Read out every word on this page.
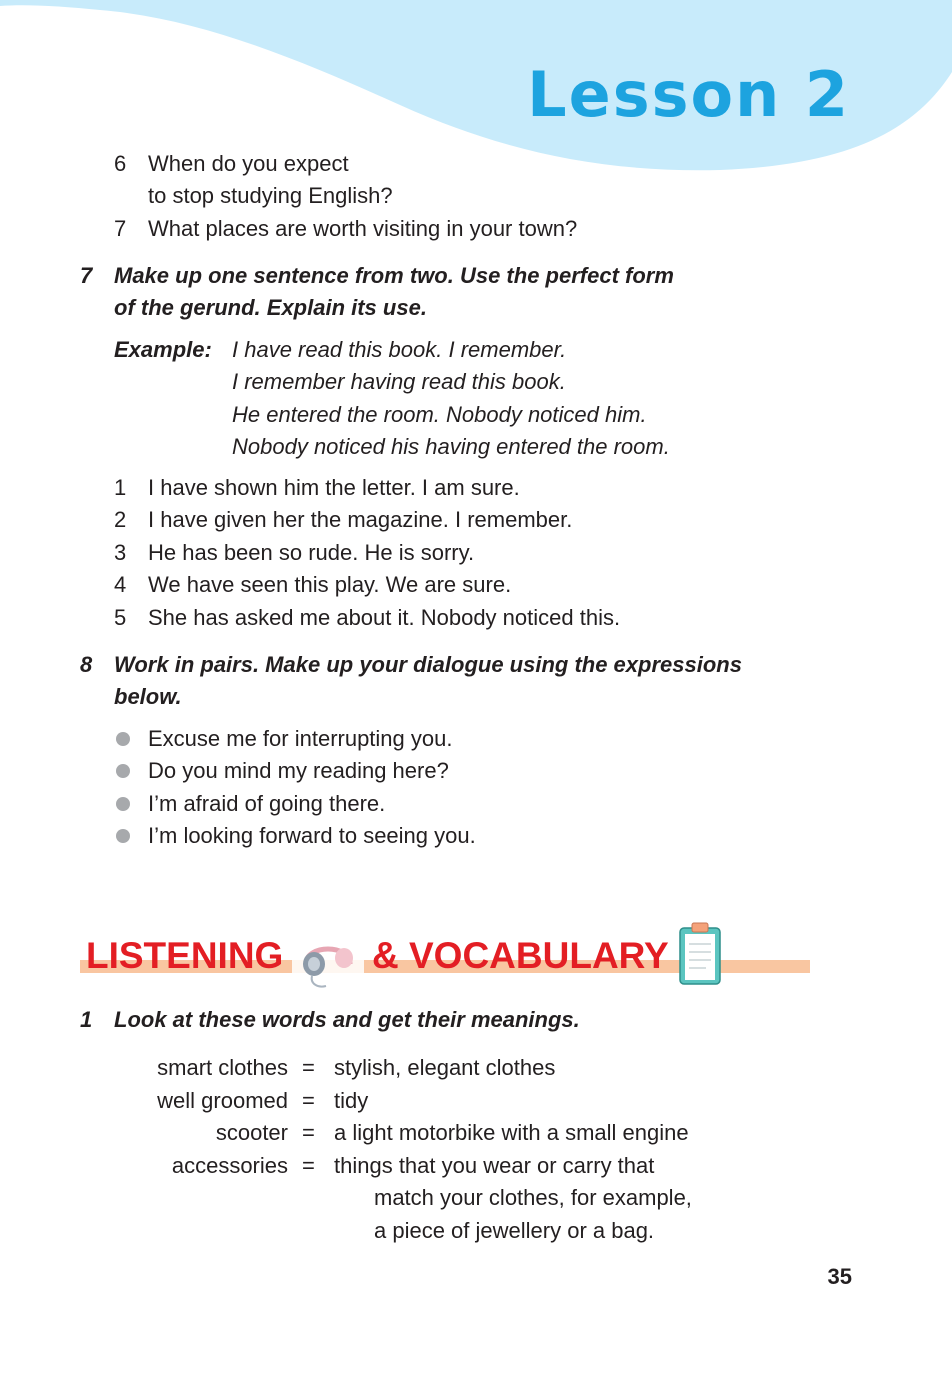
Lesson 2
6 When do you expect
to stop studying English?
7 What places are worth visiting in your town?
7 Make up one sentence from two. Use the perfect form
of the gerund. Explain its use.
Example: I have read this book. I remember.
I remember having read this book.
He entered the room. Nobody noticed him.
Nobody noticed his having entered the room.
1 I have shown him the letter. I am sure.
2 I have given her the magazine. I remember.
3 He has been so rude. He is sorry.
4 We have seen this play. We are sure.
5 She has asked me about it. Nobody noticed this.
8 Work in pairs. Make up your dialogue using the expressions
below.
Excuse me for interrupting you.
Do you mind my reading here?
I’m afraid of going there.
I’m looking forward to seeing you.
LISTENING & VOCABULARY
1 Look at these words and get their meanings.
smart clothes = stylish, elegant clothes
well groomed = tidy
scooter = a light motorbike with a small engine
accessories = things that you wear or carry that
match your clothes, for example,
a piece of jewellery or a bag.
35
